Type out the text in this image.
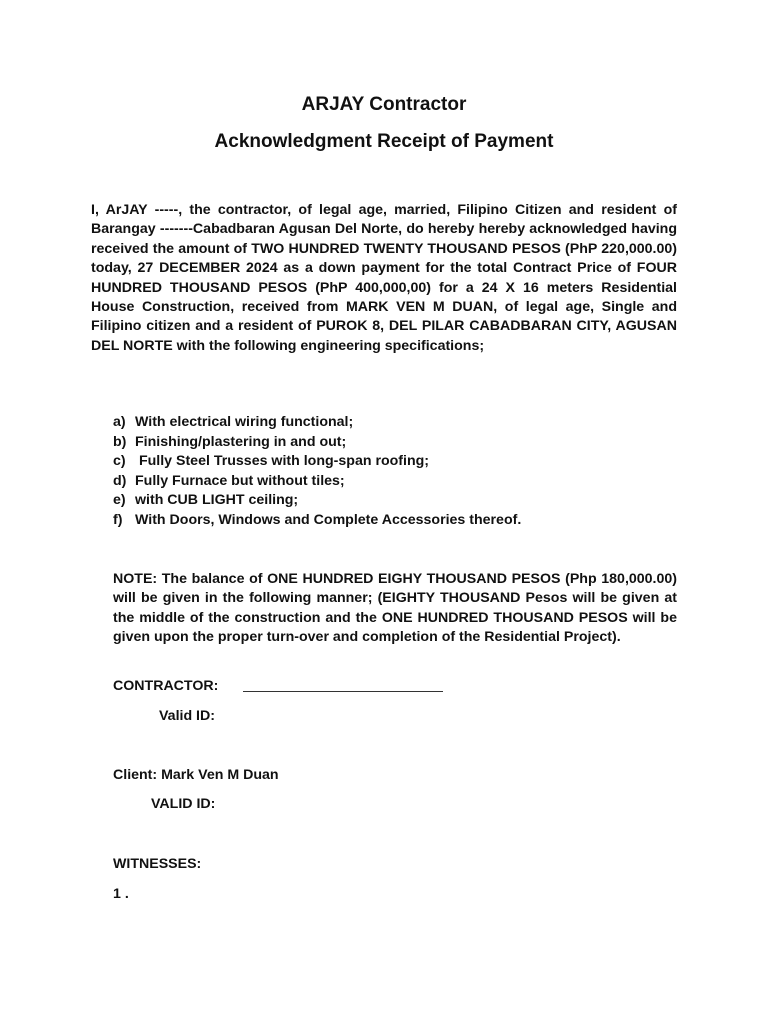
ARJAY Contractor
Acknowledgment Receipt of Payment

I, ArJAY -----, the contractor, of legal age, married, Filipino Citizen and resident of Barangay -------Cabadbaran Agusan Del Norte, do hereby hereby acknowledged having received the amount of TWO HUNDRED TWENTY THOUSAND PESOS (PhP 220,000.00) today, 27 DECEMBER 2024 as a down payment for the total Contract Price of FOUR HUNDRED THOUSAND PESOS (PhP 400,000,00) for a 24 X 16 meters Residential House Construction, received from MARK VEN M DUAN, of legal age, Single and Filipino citizen and a resident of PUROK 8, DEL PILAR CABADBARAN CITY, AGUSAN DEL NORTE with the following engineering specifications;

a) With electrical wiring functional;
b) Finishing/plastering in and out;
c) Fully Steel Trusses with long-span roofing;
d) Fully Furnace but without tiles;
e) with CUB LIGHT ceiling;
f) With Doors, Windows and Complete Accessories thereof.

NOTE: The balance of ONE HUNDRED EIGHY THOUSAND PESOS (Php 180,000.00) will be given in the following manner; (EIGHTY THOUSAND Pesos will be given at the middle of the construction and the ONE HUNDRED THOUSAND PESOS will be given upon the proper turn-over and completion of the Residential Project).

CONTRACTOR:
Valid ID:
Client: Mark Ven M Duan
VALID ID:
WITNESSES:
1 .
